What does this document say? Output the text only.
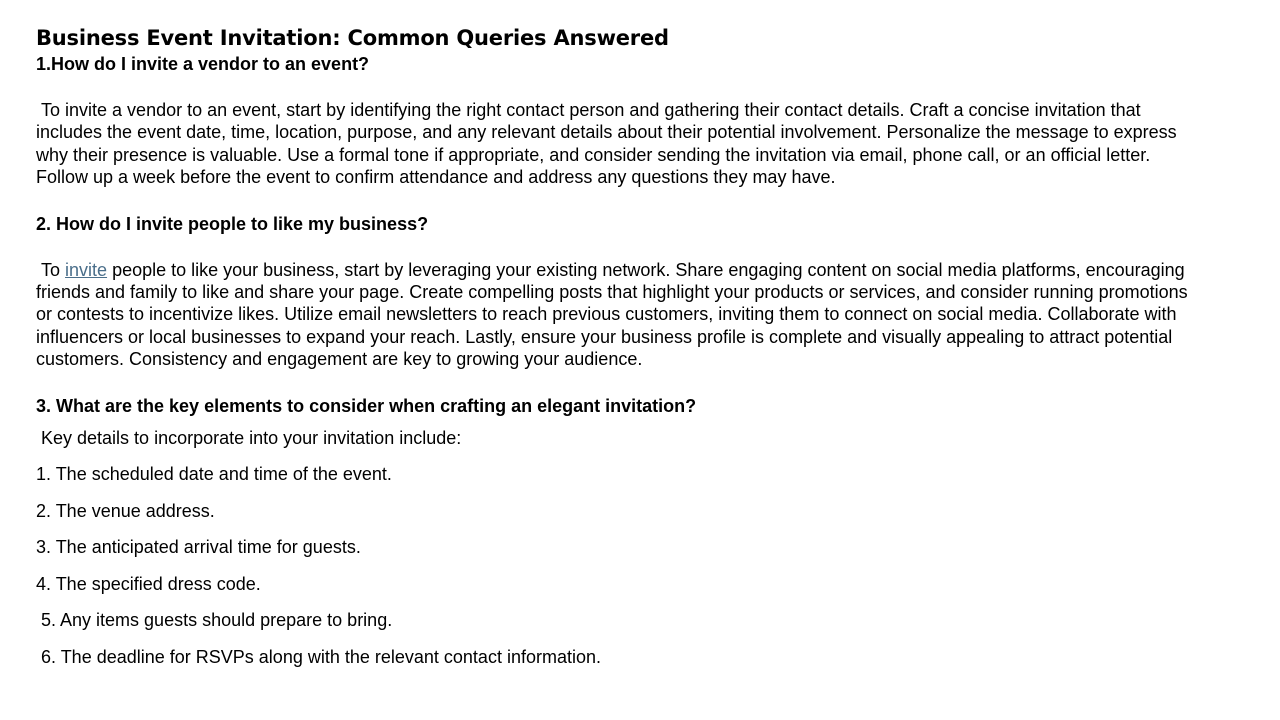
Business Event Invitation: Common Queries Answered

1.How do I invite a vendor to an event?

To invite a vendor to an event, start by identifying the right contact person and gathering their contact details. Craft a concise invitation that
includes the event date, time, location, purpose, and any relevant details about their potential involvement. Personalize the message to express
why their presence is valuable. Use a formal tone if appropriate, and consider sending the invitation via email, phone call, or an official letter.
Follow up a week before the event to confirm attendance and address any questions they may have.

2. How do I invite people to like my business?

To invite people to like your business, start by leveraging your existing network. Share engaging content on social media platforms, encouraging
friends and family to like and share your page. Create compelling posts that highlight your products or services, and consider running promotions
or contests to incentivize likes. Utilize email newsletters to reach previous customers, inviting them to connect on social media. Collaborate with
influencers or local businesses to expand your reach. Lastly, ensure your business profile is complete and visually appealing to attract potential
customers. Consistency and engagement are key to growing your audience.

3. What are the key elements to consider when crafting an elegant invitation?

Key details to incorporate into your invitation include:

1. The scheduled date and time of the event.

2. The venue address.

3. The anticipated arrival time for guests.

4. The specified dress code.

5. Any items guests should prepare to bring.

6. The deadline for RSVPs along with the relevant contact information.
